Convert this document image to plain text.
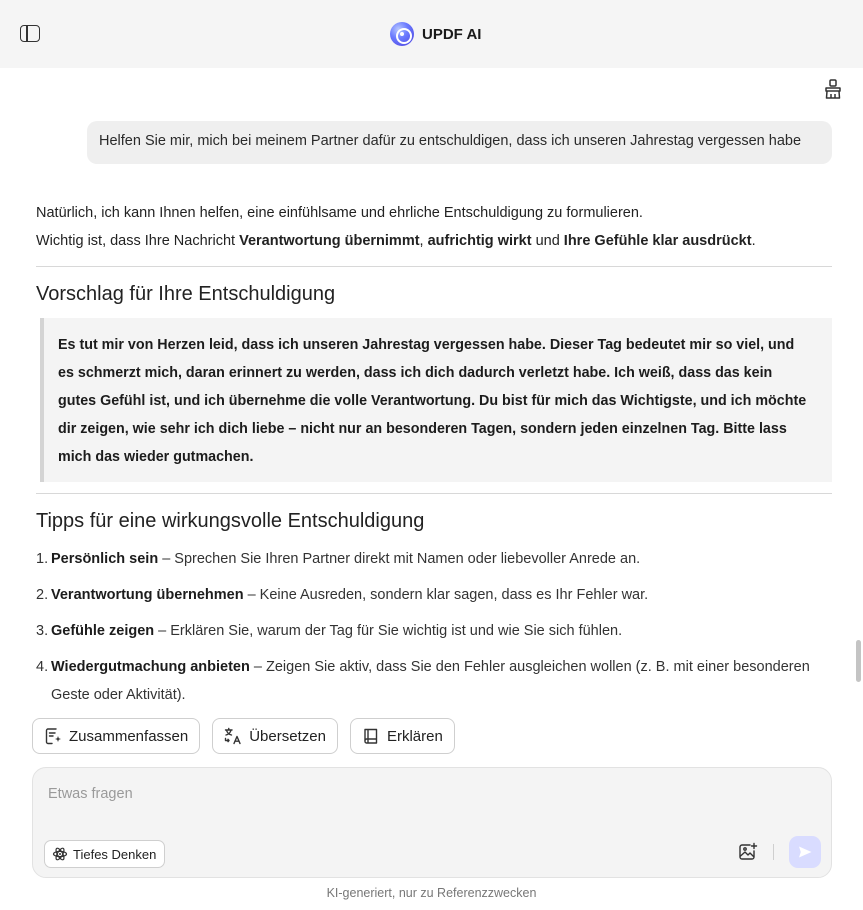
UPDF AI
Helfen Sie mir, mich bei meinem Partner dafür zu entschuldigen, dass ich unseren Jahrestag vergessen habe

Natürlich, ich kann Ihnen helfen, eine einfühlsame und ehrliche Entschuldigung zu formulieren.

Wichtig ist, dass Ihre Nachricht Verantwortung übernimmt, aufrichtig wirkt und Ihre Gefühle klar ausdrückt.

Vorschlag für Ihre Entschuldigung

Es tut mir von Herzen leid, dass ich unseren Jahrestag vergessen habe. Dieser Tag bedeutet mir so viel, und es schmerzt mich, daran erinnert zu werden, dass ich dich dadurch verletzt habe. Ich weiß, dass das kein gutes Gefühl ist, und ich übernehme die volle Verantwortung. Du bist für mich das Wichtigste, und ich möchte dir zeigen, wie sehr ich dich liebe – nicht nur an besonderen Tagen, sondern jeden einzelnen Tag. Bitte lass mich das wieder gutmachen.

Tipps für eine wirkungsvolle Entschuldigung
1. Persönlich sein – Sprechen Sie Ihren Partner direkt mit Namen oder liebevoller Anrede an.
2. Verantwortung übernehmen – Keine Ausreden, sondern klar sagen, dass es Ihr Fehler war.
3. Gefühle zeigen – Erklären Sie, warum der Tag für Sie wichtig ist und wie Sie sich fühlen.
4. Wiedergutmachung anbieten – Zeigen Sie aktiv, dass Sie den Fehler ausgleichen wollen (z. B. mit einer besonderen Geste oder Aktivität).
Zusammenfassen	Übersetzen	Erklären
Etwas fragen
Tiefes Denken
KI-generiert, nur zu Referenzzwecken
